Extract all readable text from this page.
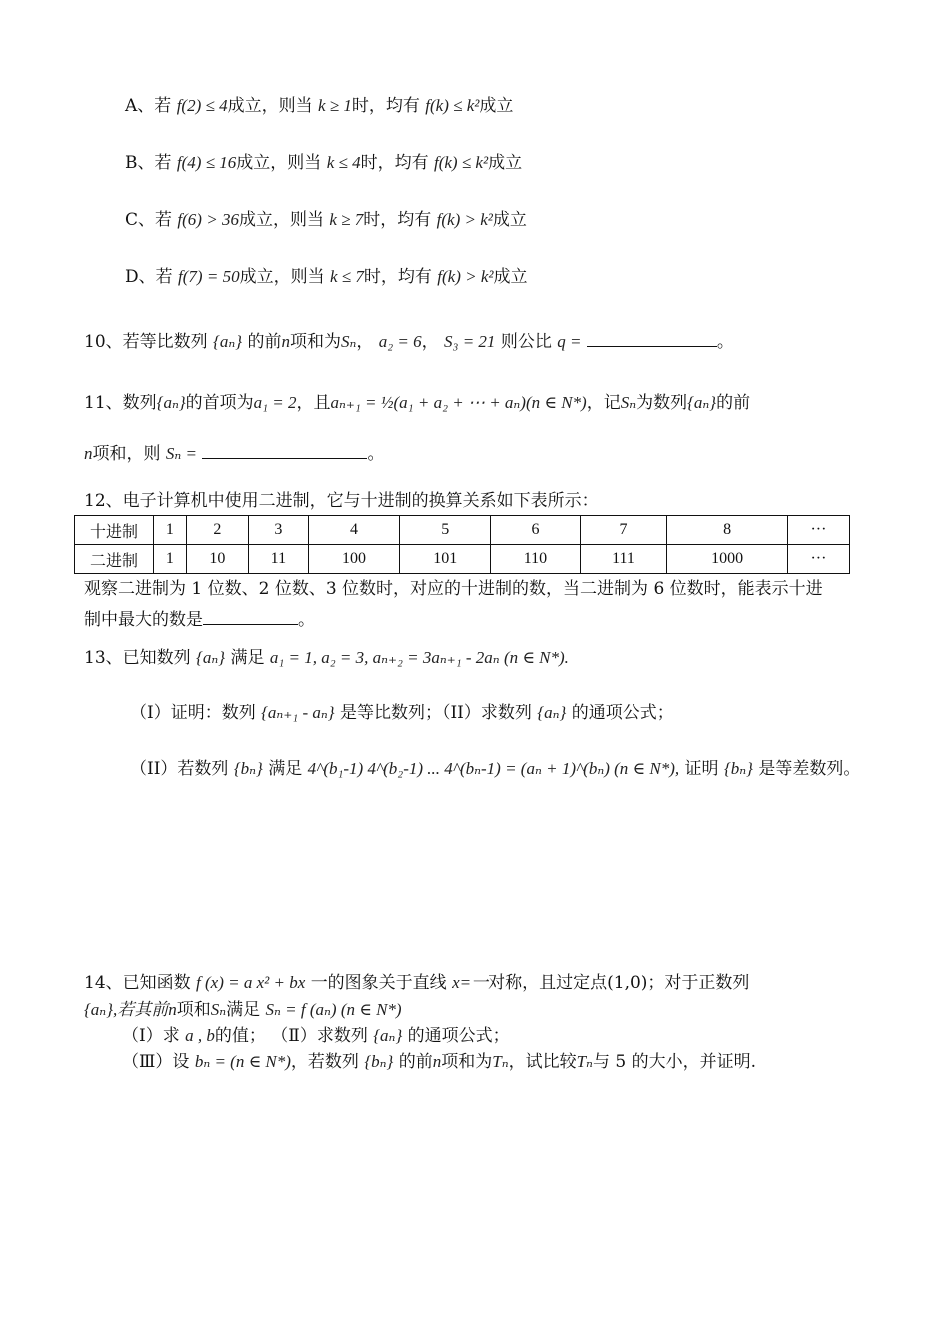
A、若 f(2) ≤ 4成立，则当 k ≥ 1时，均有 f(k) ≤ k²成立
B、若 f(4) ≤ 16成立，则当 k ≤ 4时，均有 f(k) ≤ k²成立
C、若 f(6) > 36成立，则当 k ≥ 7时，均有 f(k) > k²成立
D、若 f(7) = 50成立，则当 k ≤ 7时，均有 f(k) > k²成立
10、若等比数列 {aₙ} 的前n项和为Sₙ， a₂ = 6， S₃ = 21 则公比 q =	。
11、数列{aₙ}的首项为a₁ = 2，且aₙ₊₁ = ½(a₁ + a₂ + ⋯ + aₙ)(n ∈ N*)，记Sₙ为数列{aₙ}的前
n项和，则 Sₙ =	。
12、电子计算机中使用二进制，它与十进制的换算关系如下表所示：
十进制	1	2	3	4	5	6	7	8	···
二进制	1	10	11	100	101	110	111	1000	···
观察二进制为 1 位数、2 位数、3 位数时，对应的十进制的数，当二进制为 6 位数时，能表示十进
制中最大的数是	。
13、已知数列 {aₙ} 满足 a₁ = 1, a₂ = 3, aₙ₊₂ = 3aₙ₊₁ - 2aₙ (n ∈ N*).
（I）证明：数列 {aₙ₊₁ - aₙ} 是等比数列；（II）求数列 {aₙ} 的通项公式；
（II）若数列 {bₙ} 满足 4^(b₁-1) 4^(b₂-1) ... 4^(bₙ-1) = (aₙ + 1)^(bₙ) (n ∈ N*), 证明 {bₙ} 是等差数列。
14、已知函数 f (x) = a x² + bx 一的图象关于直线 x=一对称，且过定点(1,0)；对于正数列
{aₙ},若其前n项和Sₙ满足 Sₙ = f (aₙ) (n ∈ N*)
（Ⅰ）求 a , b的值； （Ⅱ）求数列 {aₙ} 的通项公式；
（Ⅲ）设 bₙ = (n ∈ N*)，若数列 {bₙ} 的前n项和为Tₙ，试比较Tₙ与 5 的大小，并证明.
